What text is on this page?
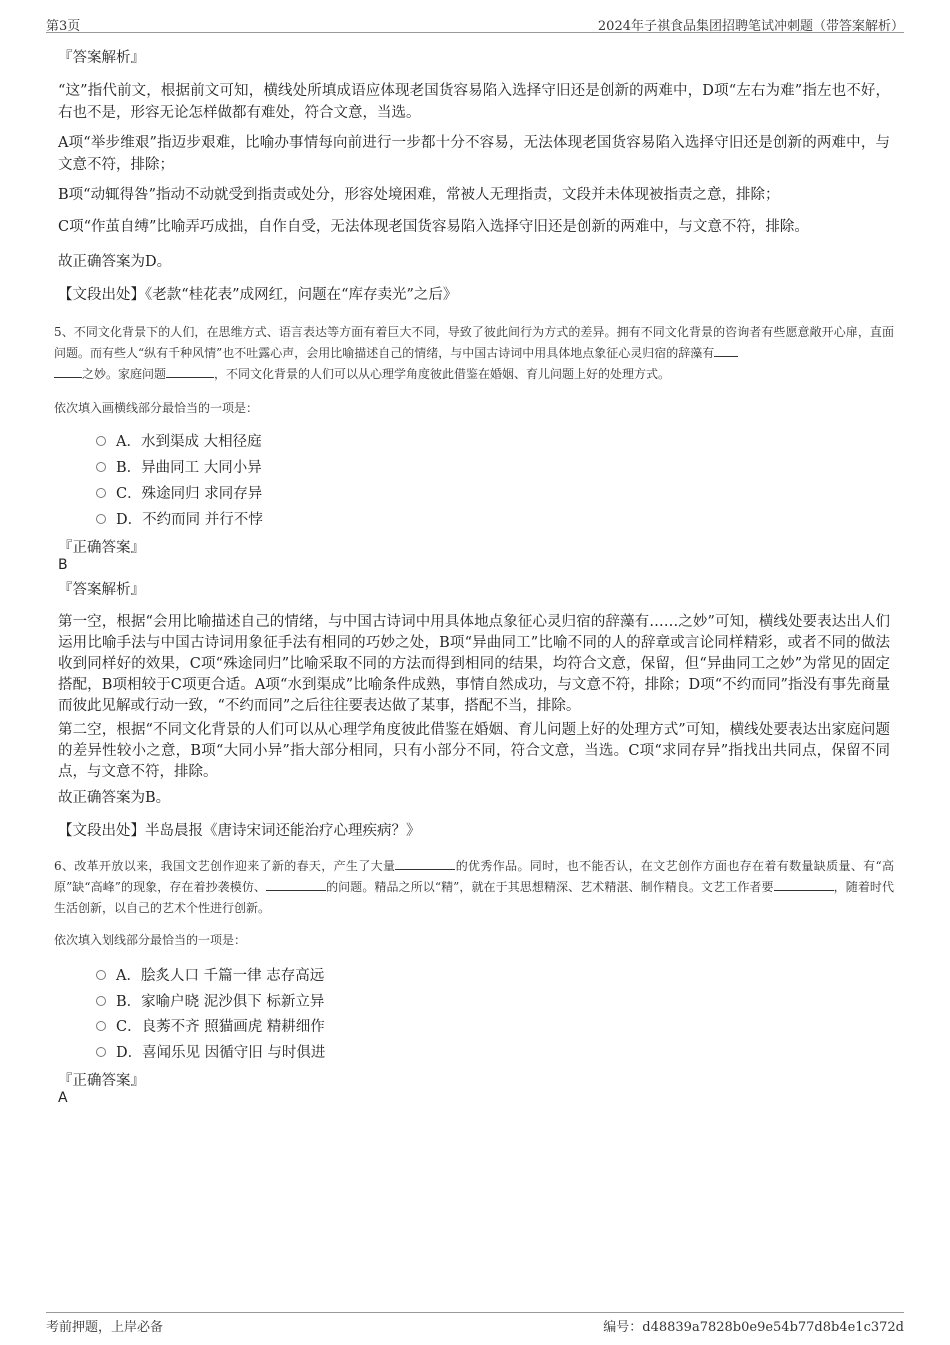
第3页	2024年子祺食品集团招聘笔试冲刺题（带答案解析）
『答案解析』
“这”指代前文，根据前文可知，横线处所填成语应体现老国货容易陷入选择守旧还是创新的两难中，D项“左右为难”指左也不好，右也不是，形容无论怎样做都有难处，符合文意，当选。
A项“举步维艰”指迈步艰难，比喻办事情每向前进行一步都十分不容易，无法体现老国货容易陷入选择守旧还是创新的两难中，与文意不符，排除；
B项“动辄得咎”指动不动就受到指责或处分，形容处境困难，常被人无理指责，文段并未体现被指责之意，排除；
C项“作茧自缚”比喻弄巧成拙，自作自受，无法体现老国货容易陷入选择守旧还是创新的两难中，与文意不符，排除。
故正确答案为D。
【文段出处】《老款“桂花表”成网红，问题在“库存卖光”之后》
5、不同文化背景下的人们，在思维方式、语言表达等方面有着巨大不同，导致了彼此间行为方式的差异。拥有不同文化背景的咨询者有些愿意敞开心扉，直面问题。而有些人“纵有千种风情”也不吐露心声，会用比喻描述自己的情绪，与中国古诗词中用具体地点象征心灵归宿的辞藻有
之妙。家庭问题	，不同文化背景的人们可以从心理学角度彼此借鉴在婚姻、育儿问题上好的处理方式。
依次填入画横线部分最恰当的一项是：
A．水到渠成 大相径庭
B．异曲同工 大同小异
C．殊途同归 求同存异
D．不约而同 并行不悖
『正确答案』
B
『答案解析』
第一空，根据“会用比喻描述自己的情绪，与中国古诗词中用具体地点象征心灵归宿的辞藻有……之妙”可知，横线处要表达出人们运用比喻手法与中国古诗词用象征手法有相同的巧妙之处，B项“异曲同工”比喻不同的人的辞章或言论同样精彩，或者不同的做法收到同样好的效果，C项“殊途同归”比喻采取不同的方法而得到相同的结果，均符合文意，保留，但“异曲同工之妙”为常见的固定搭配，B项相较于C项更合适。A项“水到渠成”比喻条件成熟，事情自然成功，与文意不符，排除；D项“不约而同”指没有事先商量而彼此见解或行动一致，“不约而同”之后往往要表达做了某事，搭配不当，排除。
第二空，根据“不同文化背景的人们可以从心理学角度彼此借鉴在婚姻、育儿问题上好的处理方式”可知，横线处要表达出家庭问题的差异性较小之意，B项“大同小异”指大部分相同，只有小部分不同，符合文意，当选。C项“求同存异”指找出共同点，保留不同点，与文意不符，排除。
故正确答案为B。
【文段出处】半岛晨报《唐诗宋词还能治疗心理疾病？》
6、改革开放以来，我国文艺创作迎来了新的春天，产生了大量	的优秀作品。同时，也不能否认，在文艺创作方面也存在着有数量缺质量、有“高原”缺“高峰”的现象，存在着抄袭模仿、	的问题。精品之所以“精”，就在于其思想精深、艺术精湛、制作精良。文艺工作者要	，随着时代生活创新，以自己的艺术个性进行创新。
依次填入划线部分最恰当的一项是：
A．脍炙人口 千篇一律 志存高远
B．家喻户晓 泥沙俱下 标新立异
C．良莠不齐 照猫画虎 精耕细作
D．喜闻乐见 因循守旧 与时俱进
『正确答案』
A
考前押题，上岸必备	编号：d48839a7828b0e9e54b77d8b4e1c372d
